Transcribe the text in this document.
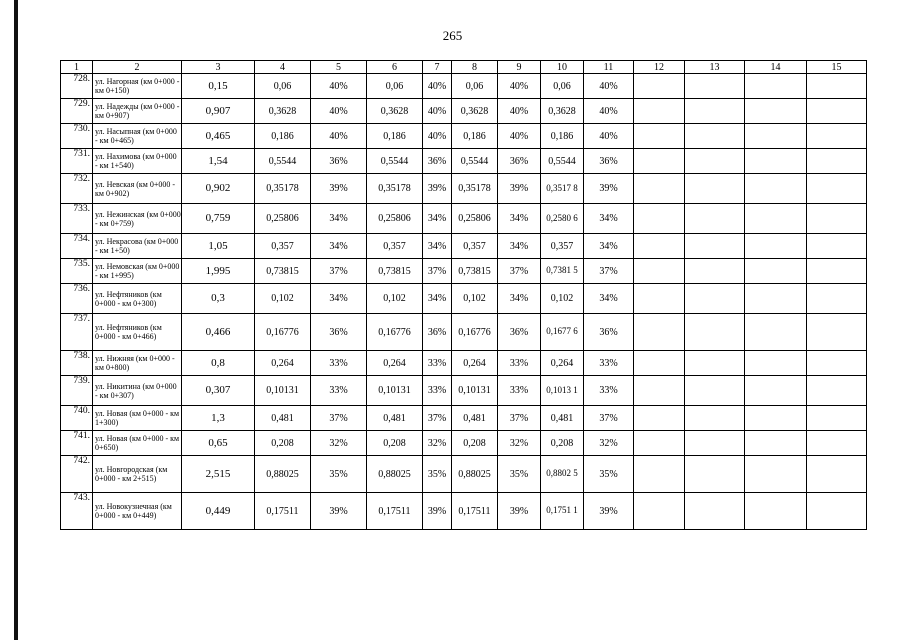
265
1	2	3	4	5	6	7	8	9	10	11	12	13	14	15
728.	ул. Нагорная (км 0+000 - км 0+150)	0,15	0,06	40%	0,06	40%	0,06	40%	0,06	40%				
729.	ул. Надежды (км 0+000 - км 0+907)	0,907	0,3628	40%	0,3628	40%	0,3628	40%	0,3628	40%				
730.	ул. Насыпная (км 0+000 - км 0+465)	0,465	0,186	40%	0,186	40%	0,186	40%	0,186	40%				
731.	ул. Нахимова (км 0+000 - км 1+540)	1,54	0,5544	36%	0,5544	36%	0,5544	36%	0,5544	36%				
732.	ул. Невская (км 0+000 - км 0+902)	0,902	0,35178	39%	0,35178	39%	0,35178	39%	0,3517 8	39%				
733.	ул. Нежинская (км 0+000 - км 0+759)	0,759	0,25806	34%	0,25806	34%	0,25806	34%	0,2580 6	34%				
734.	ул. Некрасова (км 0+000 - км 1+50)	1,05	0,357	34%	0,357	34%	0,357	34%	0,357	34%				
735.	ул. Немовская (км 0+000 - км 1+995)	1,995	0,73815	37%	0,73815	37%	0,73815	37%	0,7381 5	37%				
736.	ул. Нефтяников (км 0+000 - км 0+300)	0,3	0,102	34%	0,102	34%	0,102	34%	0,102	34%				
737.	ул. Нефтяников (км 0+000 - км 0+466)	0,466	0,16776	36%	0,16776	36%	0,16776	36%	0,1677 6	36%				
738.	ул. Нижняя (км 0+000 - км 0+800)	0,8	0,264	33%	0,264	33%	0,264	33%	0,264	33%				
739.	ул. Никитина (км 0+000 - км 0+307)	0,307	0,10131	33%	0,10131	33%	0,10131	33%	0,1013 1	33%				
740.	ул. Новая (км 0+000 - км 1+300)	1,3	0,481	37%	0,481	37%	0,481	37%	0,481	37%				
741.	ул. Новая (км 0+000 - км 0+650)	0,65	0,208	32%	0,208	32%	0,208	32%	0,208	32%				
742.	ул. Новгородская (км 0+000 - км 2+515)	2,515	0,88025	35%	0,88025	35%	0,88025	35%	0,8802 5	35%				
743.	ул. Новокузнечная (км 0+000 - км 0+449)	0,449	0,17511	39%	0,17511	39%	0,17511	39%	0,1751 1	39%				
